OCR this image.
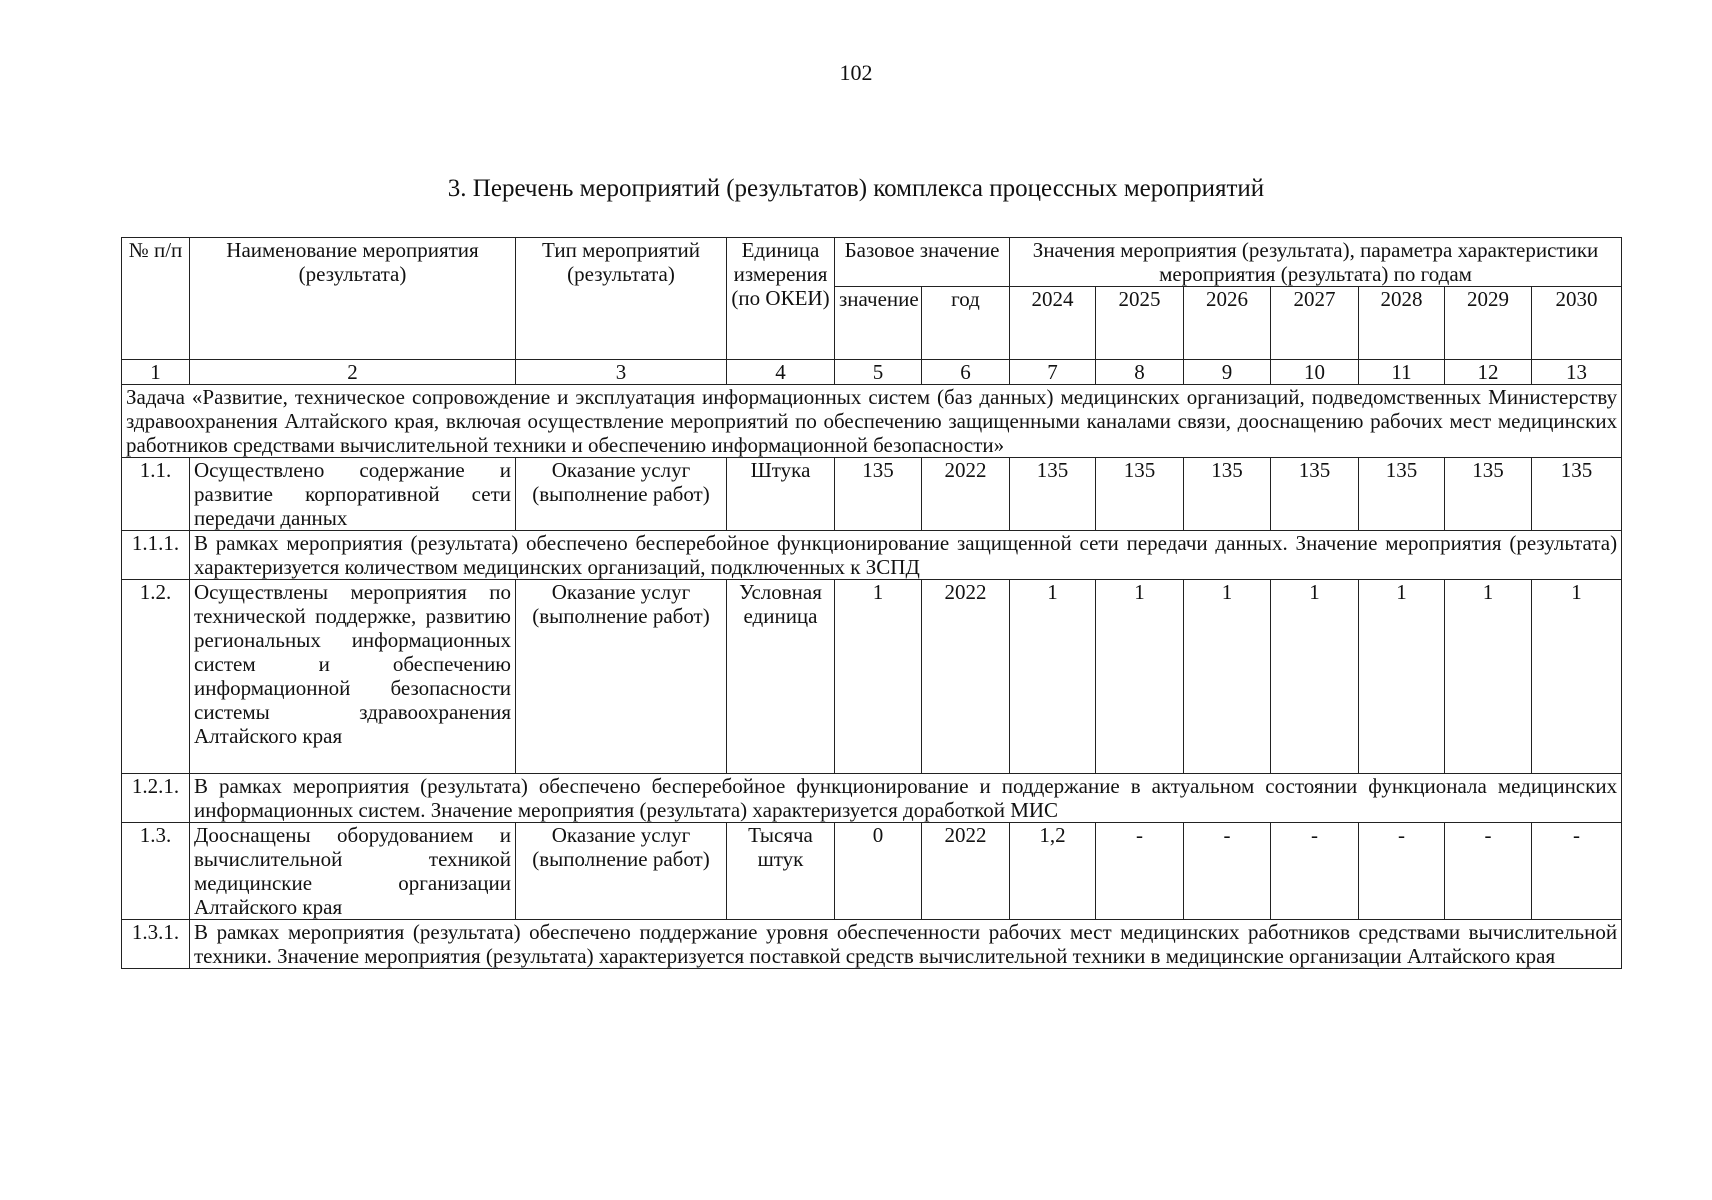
102
3. Перечень мероприятий (результатов) комплекса процессных мероприятий
№ п/п	Наименование мероприятия (результата)	Тип мероприятий (результата)	Единица измерения (по ОКЕИ)	Базовое значение		Значения мероприятия (результата), параметра характеристики мероприятия (результата) по годам						
				значение	год	2024	2025	2026	2027	2028	2029	2030
1	2	3	4	5	6	7	8	9	10	11	12	13
Задача «Развитие, техническое сопровождение и эксплуатация информационных систем (баз данных) медицинских организаций, подведомственных Министерству здравоохранения Алтайского края, включая осуществление мероприятий по обеспечению защищенными каналами связи, дооснащению рабочих мест медицинских работников средствами вычислительной техники и обеспечению информационной безопасности»												
1.1.	Осуществлено содержание и развитие корпоративной сети передачи данных	Оказание услуг (выполнение работ)	Штука	135	2022	135	135	135	135	135	135	135
1.1.1.	В рамках мероприятия (результата) обеспечено бесперебойное функционирование защищенной сети передачи данных. Значение мероприятия (результата) характеризуется количеством медицинских организаций, подключенных к ЗСПД											
1.2.	Осуществлены мероприятия по технической поддержке, развитию региональных информационных систем и обеспечению информационной безопасности системы здравоохранения Алтайского края	Оказание услуг (выполнение работ)	Условная единица	1	2022	1	1	1	1	1	1	1
1.2.1.	В рамках мероприятия (результата) обеспечено бесперебойное функционирование и поддержание в актуальном состоянии функционала медицинских информационных систем. Значение мероприятия (результата) характеризуется доработкой МИС											
1.3.	Дооснащены оборудованием и вычислительной техникой медицинские организации Алтайского края	Оказание услуг (выполнение работ)	Тысяча штук	0	2022	1,2	-	-	-	-	-	-
1.3.1.	В рамках мероприятия (результата) обеспечено поддержание уровня обеспеченности рабочих мест медицинских работников средствами вычислительной техники. Значение мероприятия (результата) характеризуется поставкой средств вычислительной техники в медицинские организации Алтайского края											
